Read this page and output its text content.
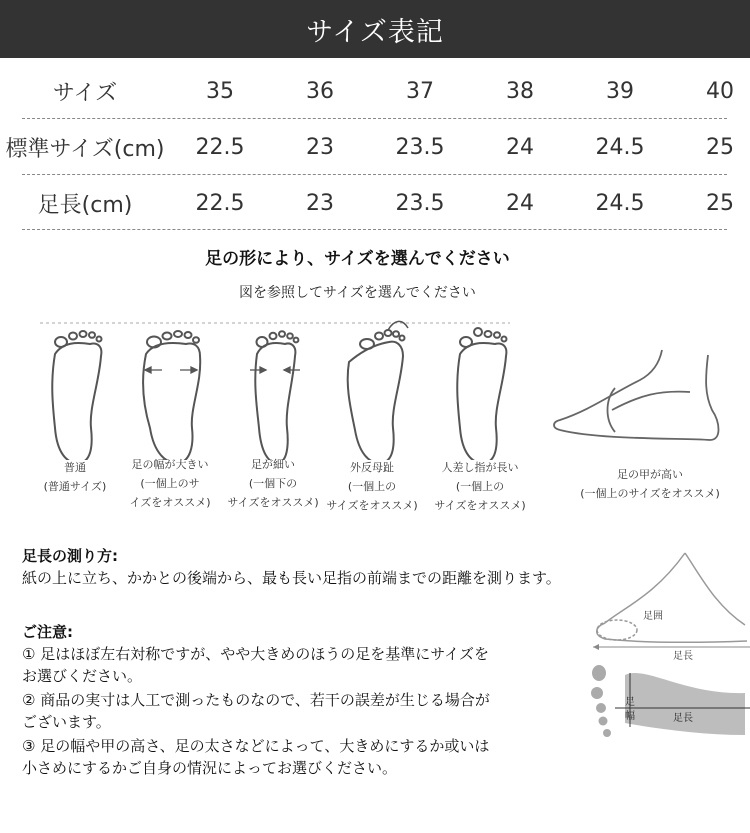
サイズ表記
サイズ	35	36	37	38	39	40
標準サイズ(cm)	22.5	23	23.5	24	24.5	25
足長(cm)	22.5	23	23.5	24	24.5	25
足の形により、サイズを選んでください
図を参照してサイズを選んでください
普通
(普通サイズ)
足の幅が大きい
(一個上のサ
イズをオススメ)
足が細い
(一個下の
サイズをオススメ)
外反母趾
(一個上の
サイズをオススメ)
人差し指が長い
(一個上の
サイズをオススメ)
足の甲が高い
(一個上のサイズをオススメ)
足長の測り方:
紙の上に立ち、かかとの後端から、最も長い足指の前端までの距離を測ります。
ご注意:
① 足はほぼ左右対称ですが、やや大きめのほうの足を基準にサイズを
お選びください。
② 商品の実寸は人工で測ったものなので、若干の誤差が生じる場合が
ございます。
③ 足の幅や甲の高さ、足の太さなどによって、大きめにするか或いは
小さめにするかご自身の情況によってお選びください。
足囲
足長
足
幅	足長
